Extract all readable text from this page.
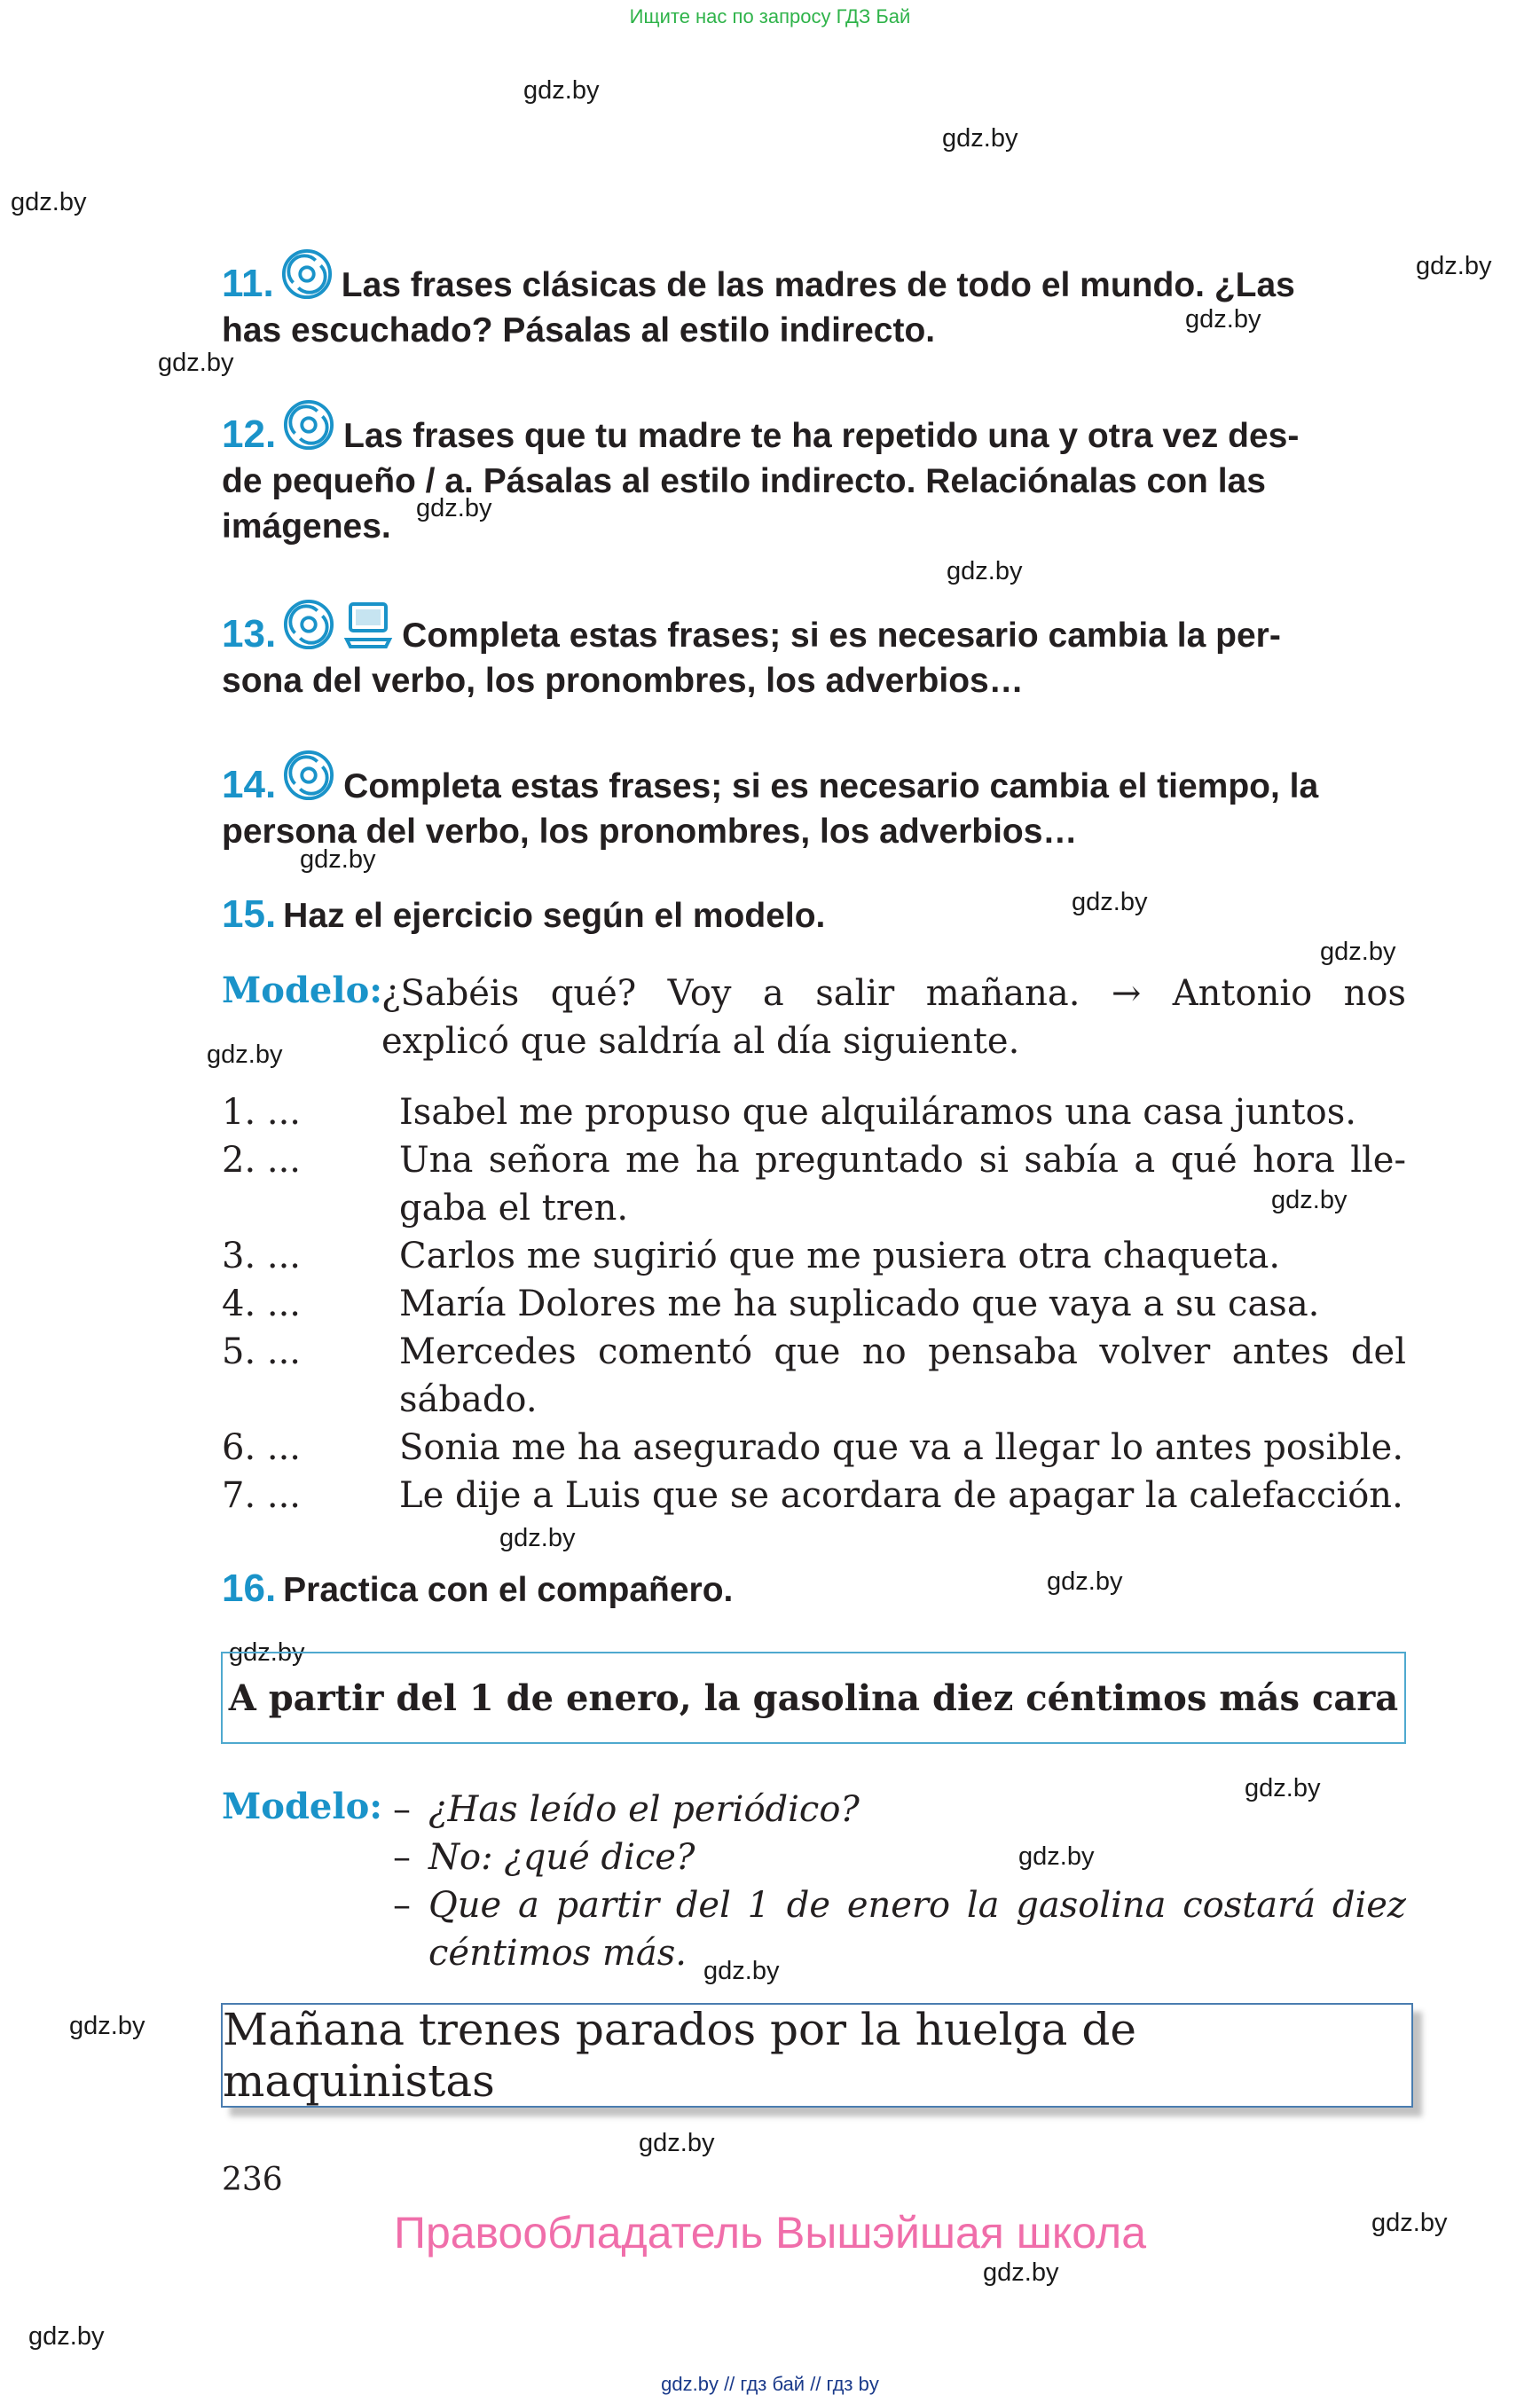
Ищите нас по запросу ГДЗ Бай
gdz.by
gdz.by
gdz.by
gdz.by
gdz.by
gdz.by
gdz.by
gdz.by
gdz.by
gdz.by
gdz.by
gdz.by
gdz.by
gdz.by
gdz.by
gdz.by
gdz.by
gdz.by
gdz.by
gdz.by
gdz.by
gdz.by
gdz.by
gdz.by
11. Las frases clásicas de las madres de todo el mundo. ¿Las
has escuchado? Pásalas al estilo indirecto.
12. Las frases que tu madre te ha repetido una y otra vez des-
de pequeño / a. Pásalas al estilo indirecto. Relaciónalas con las
imágenes.
13.	Completa estas frases; si es necesario cambia la per-
sona del verbo, los pronombres, los adverbios…
14. Completa estas frases; si es necesario cambia el tiempo, la
persona del verbo, los pronombres, los adverbios…
15. Haz el ejercicio según el modelo.
Modelo:
¿Sabéis qué? Voy a salir mañana. → Antonio nos
explicó que saldría al día siguiente.
1. ...	Isabel me propuso que alquiláramos una casa juntos.
2. ...	Una señora me ha preguntado si sabía a qué hora lle-
gaba el tren.
3. ...	Carlos me sugirió que me pusiera otra chaqueta.
4. ...	María Dolores me ha suplicado que vaya a su casa.
5. ...	Mercedes comentó que no pensaba volver antes del
sábado.
6. ...	Sonia me ha asegurado que va a llegar lo antes posible.
7. ...	Le dije a Luis que se acordara de apagar la calefacción.
16. Practica con el compañero.
A partir del 1 de enero, la gasolina diez céntimos más cara
Modelo: – ¿Has leído el periódico?
– No: ¿qué dice?
– Que a partir del 1 de enero la gasolina costará diez
céntimos más.
Mañana trenes parados por la huelga de maquinistas
236
Правообладатель Вышэйшая школа
gdz.by // гдз бай // гдз by
